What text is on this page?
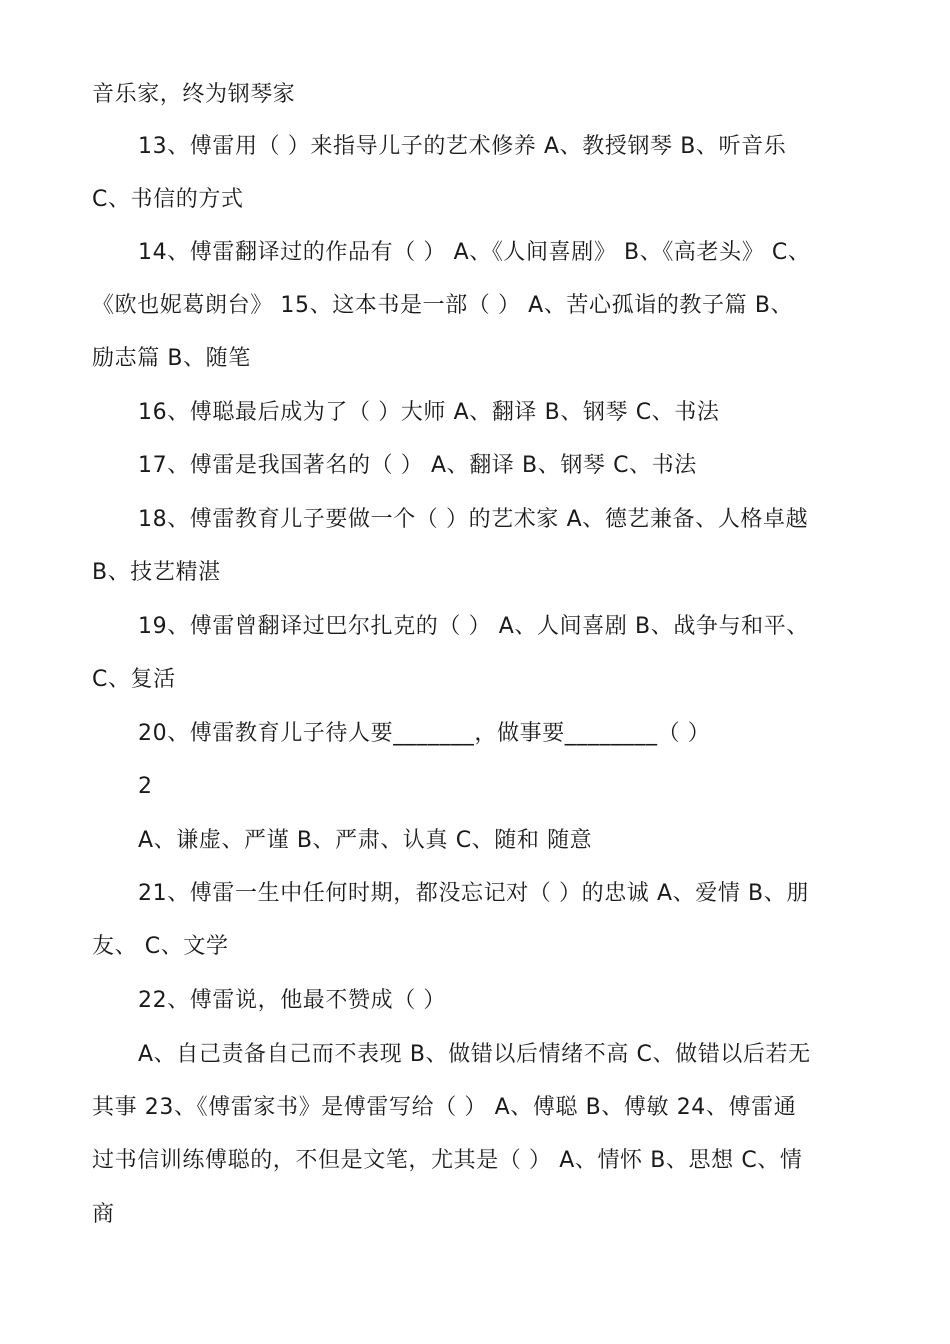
音乐家，终为钢琴家
13、傅雷用（ ）来指导儿子的艺术修养 A、教授钢琴 B、听音乐
C、书信的方式
14、傅雷翻译过的作品有（ ） A、《人间喜剧》 B、《高老头》 C、
《欧也妮葛朗台》 15、这本书是一部（ ） A、苦心孤诣的教子篇 B、
励志篇 B、随笔
16、傅聪最后成为了（ ）大师 A、翻译 B、钢琴 C、书法
17、傅雷是我国著名的（ ） A、翻译 B、钢琴 C、书法
18、傅雷教育儿子要做一个（ ）的艺术家 A、德艺兼备、人格卓越
B、技艺精湛
19、傅雷曾翻译过巴尔扎克的（ ） A、人间喜剧 B、战争与和平、
C、复活
20、傅雷教育儿子待人要_______，做事要________（ ）
2
A、谦虚、严谨 B、严肃、认真 C、随和 随意
21、傅雷一生中任何时期，都没忘记对（ ）的忠诚 A、爱情 B、朋
友、 C、文学
22、傅雷说，他最不赞成（ ）
A、自己责备自己而不表现 B、做错以后情绪不高 C、做错以后若无
其事 23、《傅雷家书》是傅雷写给（ ） A、傅聪 B、傅敏 24、傅雷通
过书信训练傅聪的，不但是文笔，尤其是（ ） A、情怀 B、思想 C、情
商
